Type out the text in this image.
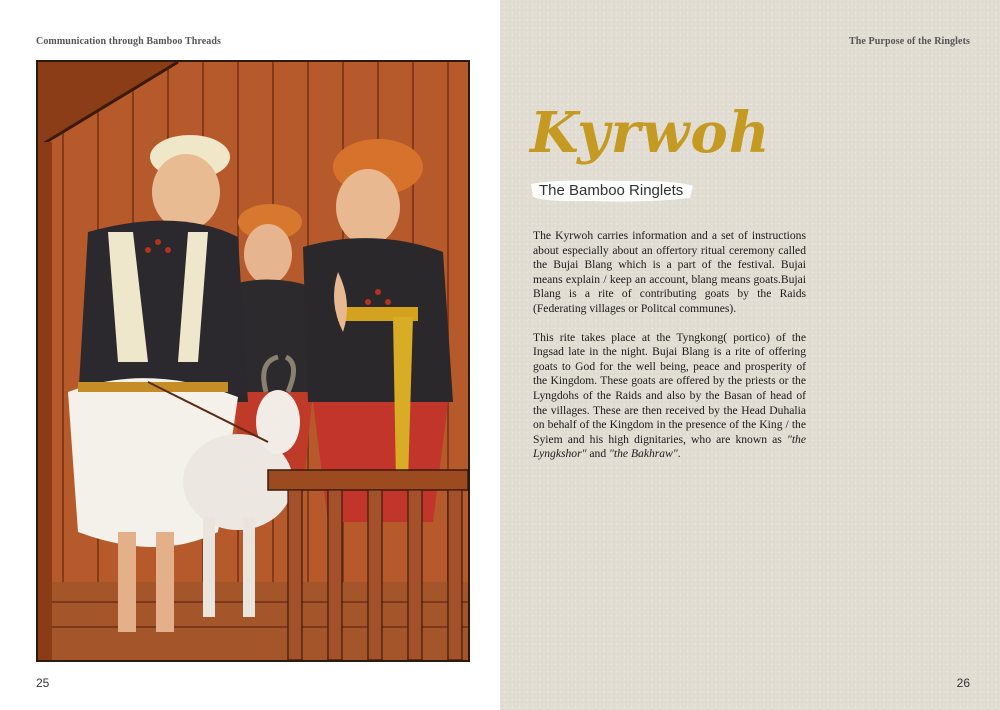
Communication through Bamboo Threads
25
The Purpose of the Ringlets
26
Kyrwoh
The Bamboo Ringlets

The Kyrwoh carries information and a set of instructions about especially about an offertory ritual ceremony called the Bujai Blang which is a part of the festival. Bujai means explain / keep an account, blang means goats.Bujai Blang is a rite of contributing goats by the Raids (Federating villages or Politcal communes).

This rite takes place at the Tyngkong( portico) of the Ingsad late in the night. Bujai Blang is a rite of offering goats to God for the well being, peace and prosperity of the Kingdom. These goats are offered by the priests or the Lyngdohs of the Raids and also by the Basan of head of the villages. These are then received by the Head Duhalia on behalf of the Kingdom in the presence of the King / the Syiem and his high dignitaries, who are known as "the Lyngkshor" and "the Bakhraw".
